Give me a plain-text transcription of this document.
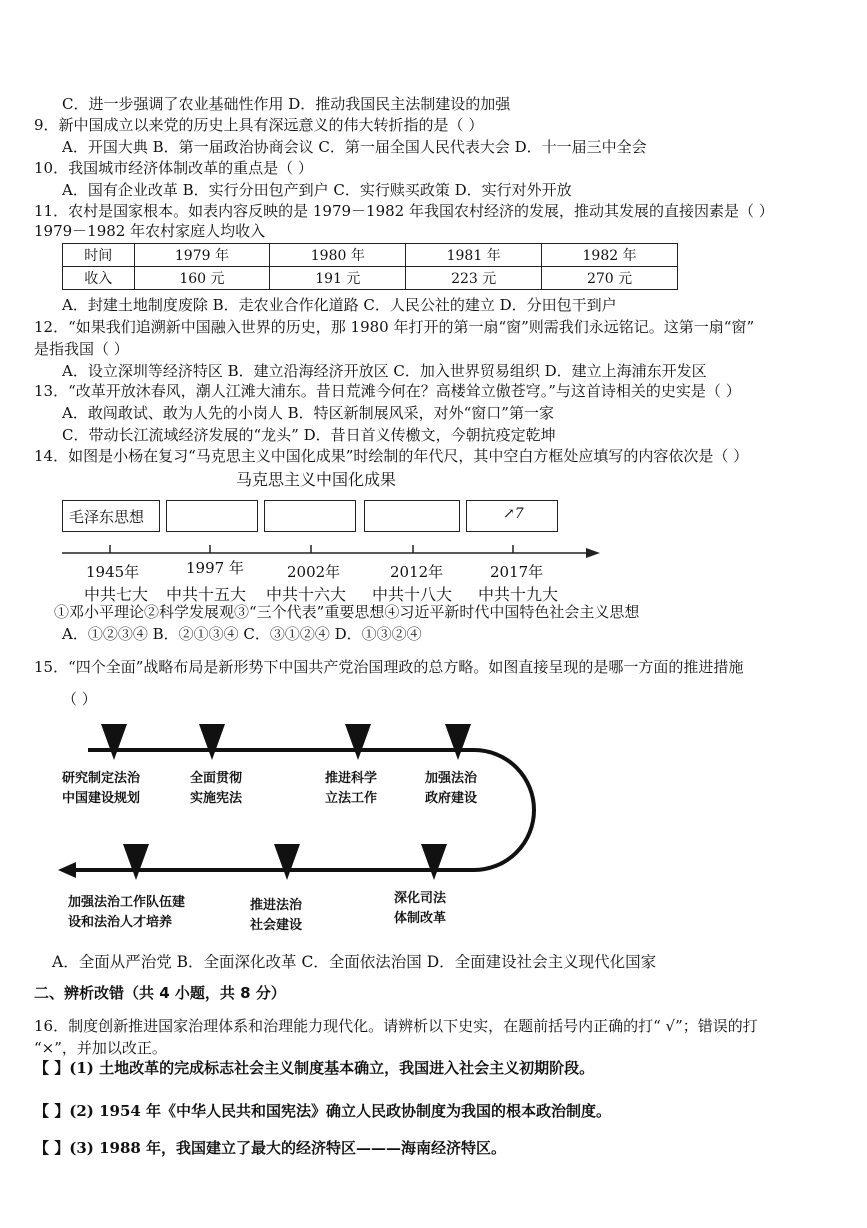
C．进一步强调了农业基础性作用 D．推动我国民主法制建设的加强
9．新中国成立以来党的历史上具有深远意义的伟大转折指的是（ ）
A．开国大典 B．第一届政治协商会议 C．第一届全国人民代表大会 D．十一届三中全会
10．我国城市经济体制改革的重点是（ ）
A．国有企业改革 B．实行分田包产到户 C．实行赎买政策 D．实行对外开放
11．农村是国家根本。如表内容反映的是 1979－1982 年我国农村经济的发展，推动其发展的直接因素是（ ）
1979－1982 年农村家庭人均收入
时间	1979 年	1980 年	1981 年	1982 年
收入	160 元	191 元	223 元	270 元
A．封建土地制度废除 B．走农业合作化道路 C．人民公社的建立 D．分田包干到户
12．“如果我们追溯新中国融入世界的历史，那 1980 年打开的第一扇“窗”则需我们永远铭记。这第一扇“窗”
是指我国（ ）
A．设立深圳等经济特区 B．建立沿海经济开放区 C．加入世界贸易组织 D．建立上海浦东开发区
13．“改革开放沐春风，潮人江滩大浦东。昔日荒滩今何在？高楼耸立傲苍穹。”与这首诗相关的史实是（ ）
A．敢闯敢试、敢为人先的小岗人 B．特区新制展风采，对外“窗口”第一家
C．带动长江流域经济发展的“龙头” D．昔日首义传檄文，今朝抗疫定乾坤
14．如图是小杨在复习“马克思主义中国化成果”时绘制的年代尺，其中空白方框处应填写的内容依次是（ ）
马克思主义中国化成果
毛泽东思想	↗7
1945年	1997 年	2002年	2012年	2017年
中共七大 中共十五大 中共十六大 中共十八大 中共十九大
①邓小平理论②科学发展观③“三个代表”重要思想④习近平新时代中国特色社会主义思想
A．①②③④ B．②①③④ C．③①②④ D．①③②④
15．“四个全面”战略布局是新形势下中国共产党治国理政的总方略。如图直接呈现的是哪一方面的推进措施
（ ）
研究制定法治
中国建设规划
全面贯彻
实施宪法
推进科学
立法工作
加强法治
政府建设
加强法治工作队伍建
设和法治人才培养
推进法治
社会建设
深化司法
体制改革
A．全面从严治党 B．全面深化改革 C．全面依法治国 D．全面建设社会主义现代化国家
二、辨析改错（共 4 小题，共 8 分）
16．制度创新推进国家治理体系和治理能力现代化。请辨析以下史实，在题前括号内正确的打“ √”；错误的打
“×”，并加以改正。
【 】(1) 土地改革的完成标志社会主义制度基本确立，我国进入社会主义初期阶段。
【 】(2) 1954 年《中华人民共和国宪法》确立人民政协制度为我国的根本政治制度。
【 】(3) 1988 年，我国建立了最大的经济特区———海南经济特区。
